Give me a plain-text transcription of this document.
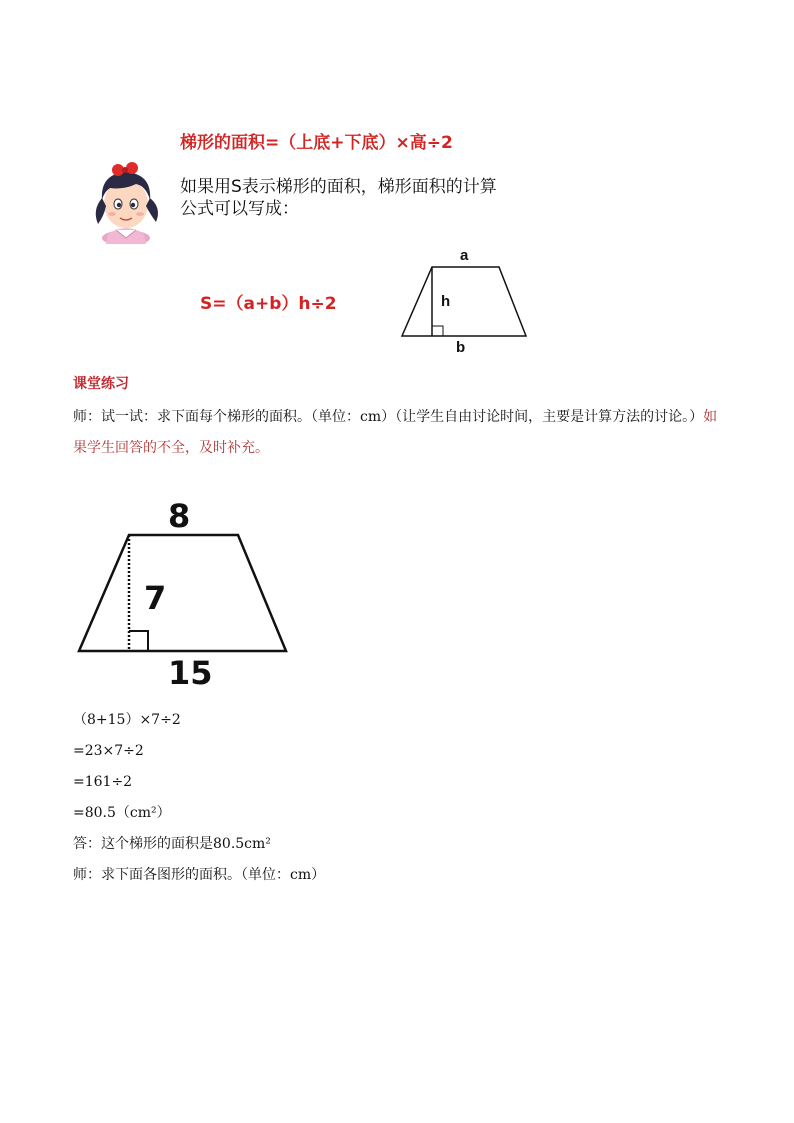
梯形的面积=（上底+下底）×高÷2
如果用S表示梯形的面积，梯形面积的计算
公式可以写成：
S=（a+b）h÷2
a
h
b
课堂练习
师：试一试：求下面每个梯形的面积。（单位：cm）（让学生自由讨论时间，主要是计算方法的讨论。）如果学生回答的不全，及时补充。
8
7
15
（8+15）×7÷2
=23×7÷2
=161÷2
=80.5（cm²）
答：这个梯形的面积是80.5cm²
师：求下面各图形的面积。（单位：cm）
